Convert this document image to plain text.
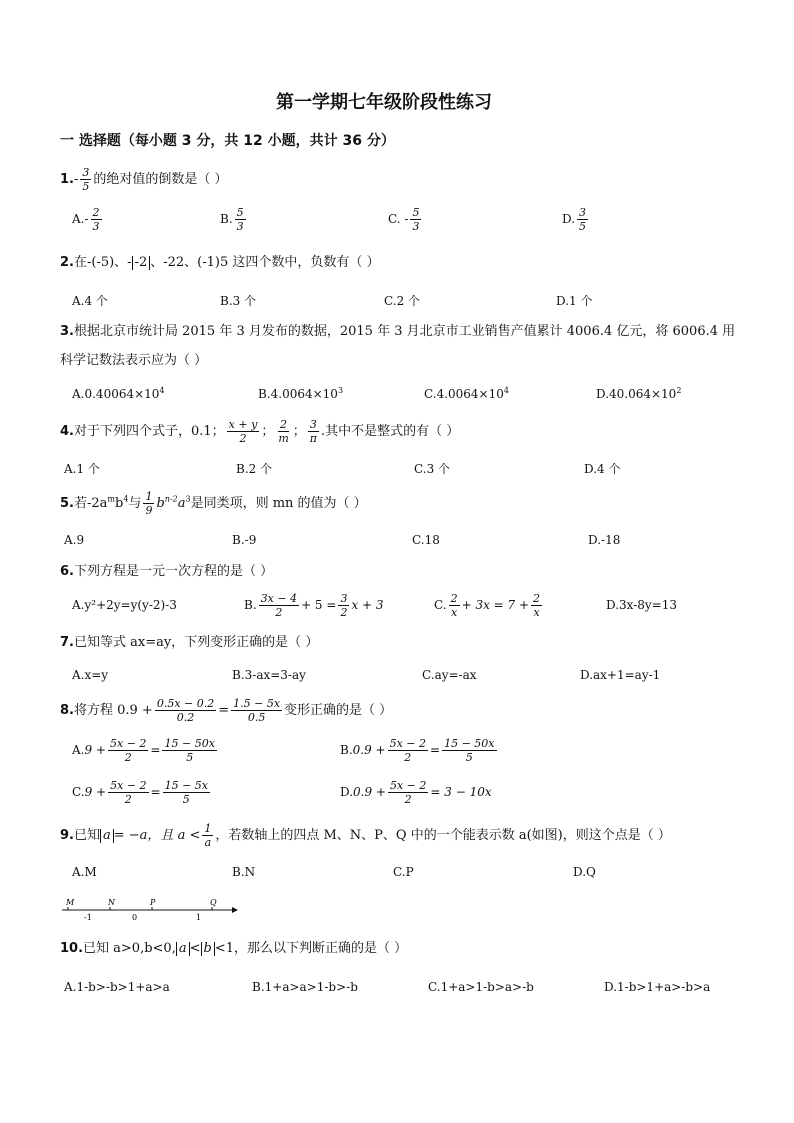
第一学期七年级阶段性练习
一 选择题（每小题 3 分，共 12 小题，共计 36 分）
$1.- \frac{3}{5}$ 的绝对值的倒数是（ ）
$A.- \frac{2}{3}$	B. $\frac{5}{3}$	C. - $\frac{5}{3}$	D. $\frac{3}{5}$
2.在-(-5)、- -2 、-22、(-1)5 这四个数中，负数有（ ）
A.4 个	B.3 个	C.2 个	D.1 个
3.根据北京市统计局 2015 年 3 月发布的数据，2015 年 3 月北京市工业销售产值累计 4006.4 亿元，将 6006.4 用
科学记数法表示应为（ ）
$A.0.40064\times 10^4$	$B.4.0064\times 10^3$	$C.4.0064\times 10^4$	$D.40.064\times 10^2$
4.对于下列四个式子，0.1； $\frac{x + y}{2}$ ； $\frac{2}{m}$ ； $\frac{3}{\pi}$ .其中不是整式的有（ ）
A.1 个	B.2 个	C.3 个	D.4 个
5.若$-2a^mb^4$与 $\frac{1}{9} b^{n-2}a^3$是同类项，则 mn 的值为（ ）
A.9	B.-9	C.18	D.-18
6.下列方程是一元一次方程的是（ ）
A.y²+2y=y(y-2)-3	B. $\frac{3x - 4}{2} + 5 = \frac{3}{2}$ x + 3	C. $\frac{2}{x} + 3x = 7 + \frac{2}{x}$	D.3x-8y=13
7.已知等式 ax=ay，下列变形正确的是（ ）
A.x=y	B.3-ax=3-ay	C.ay=-ax	D.ax+1=ay-1
8.将方程 $0.9 + \frac{0.5x - 0.2}{0.2} = \frac{1.5 - 5x}{0.5}$ 变形正确的是（ ）
$A.9 + \frac{5x - 2}{2} = \frac{15 - 50x}{5}$	$B.0.9 + \frac{5x - 2}{2} = \frac{15 - 50x}{5}$
$C.9 + \frac{5x - 2}{2} = \frac{15 - 5x}{5}$	$D.0.9 + \frac{5x - 2}{2} = 3 - 10x$
9.已知 a = −a，且 $a < \frac{1}{a}$ ，若数轴上的四点 M、N、P、Q 中的一个能表示数 a(如图)，则这个点是（ ）
A.M	B.N	C.P	D.Q
M	N	P	Q
-1	0	1
10.已知 a>0,b<0, a < b <1，那么以下判断正确的是（ ）
A.1-b>-b>1+a>a	B.1+a>a>1-b>-b	C.1+a>1-b>a>-b	D.1-b>1+a>-b>a
